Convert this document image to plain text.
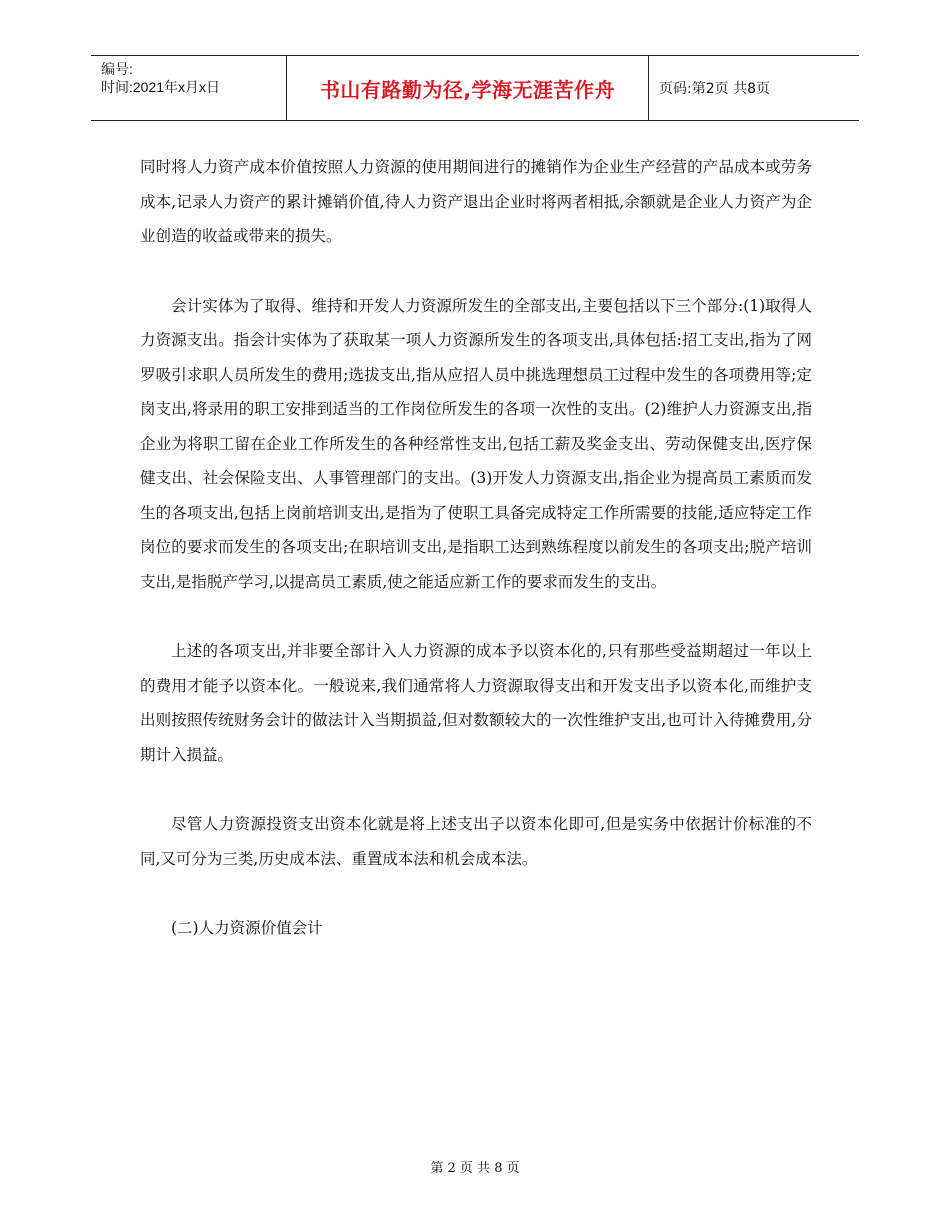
编号:
时间:2021年x月x日	书山有路勤为径,学海无涯苦作舟	页码:第2页 共8页

同时将人力资产成本价值按照人力资源的使用期间进行的摊销作为企业生产经营的产品成本或劳务成本,记录人力资产的累计摊销价值,待人力资产退出企业时将两者相抵,余额就是企业人力资产为企业创造的收益或带来的损失。

会计实体为了取得、维持和开发人力资源所发生的全部支出,主要包括以下三个部分:(1)取得人力资源支出。指会计实体为了获取某一项人力资源所发生的各项支出,具体包括:招工支出,指为了网罗吸引求职人员所发生的费用;选拔支出,指从应招人员中挑选理想员工过程中发生的各项费用等;定岗支出,将录用的职工安排到适当的工作岗位所发生的各项一次性的支出。(2)维护人力资源支出,指企业为将职工留在企业工作所发生的各种经常性支出,包括工薪及奖金支出、劳动保健支出,医疗保健支出、社会保险支出、人事管理部门的支出。(3)开发人力资源支出,指企业为提高员工素质而发生的各项支出,包括上岗前培训支出,是指为了使职工具备完成特定工作所需要的技能,适应特定工作岗位的要求而发生的各项支出;在职培训支出,是指职工达到熟练程度以前发生的各项支出;脱产培训支出,是指脱产学习,以提高员工素质,使之能适应新工作的要求而发生的支出。

上述的各项支出,并非要全部计入人力资源的成本予以资本化的,只有那些受益期超过一年以上的费用才能予以资本化。一般说来,我们通常将人力资源取得支出和开发支出予以资本化,而维护支出则按照传统财务会计的做法计入当期损益,但对数额较大的一次性维护支出,也可计入待摊费用,分期计入损益。

尽管人力资源投资支出资本化就是将上述支出子以资本化即可,但是实务中依据计价标准的不同,又可分为三类,历史成本法、重置成本法和机会成本法。

(二)人力资源价值会计

第 2 页 共 8 页
